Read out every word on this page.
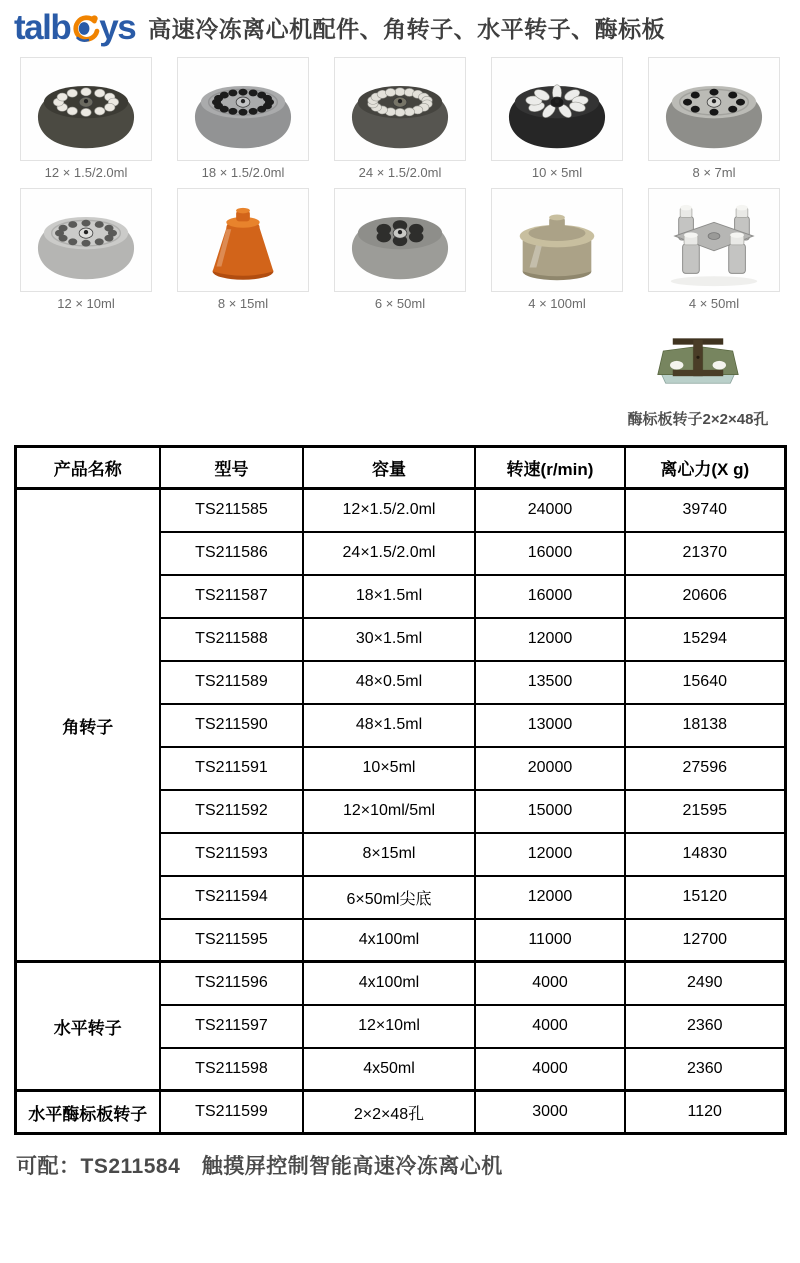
talb ys 高速冷冻离心机配件、角转子、水平转子、酶标板
12 × 1.5/2.0ml	18 × 1.5/2.0ml	24 × 1.5/2.0ml	10 × 5ml	8 × 7ml
12 × 10ml	8 × 15ml	6 × 50ml	4 × 100ml	4 × 50ml
酶标板转子2×2×48孔
产品名称	型号	容量	转速(r/min)	离心力(X g)
角转子	TS211585	12×1.5/2.0ml	24000	39740
	TS211586	24×1.5/2.0ml	16000	21370
	TS211587	18×1.5ml	16000	20606
	TS211588	30×1.5ml	12000	15294
	TS211589	48×0.5ml	13500	15640
	TS211590	48×1.5ml	13000	18138
	TS211591	10×5ml	20000	27596
	TS211592	12×10ml/5ml	15000	21595
	TS211593	8×15ml	12000	14830
	TS211594	6×50ml尖底	12000	15120
	TS211595	4x100ml	11000	12700
水平转子	TS211596	4x100ml	4000	2490
	TS211597	12×10ml	4000	2360
	TS211598	4x50ml	4000	2360
水平酶标板转子	TS211599	2×2×48孔	3000	1120
可配：TS211584　触摸屏控制智能高速冷冻离心机
